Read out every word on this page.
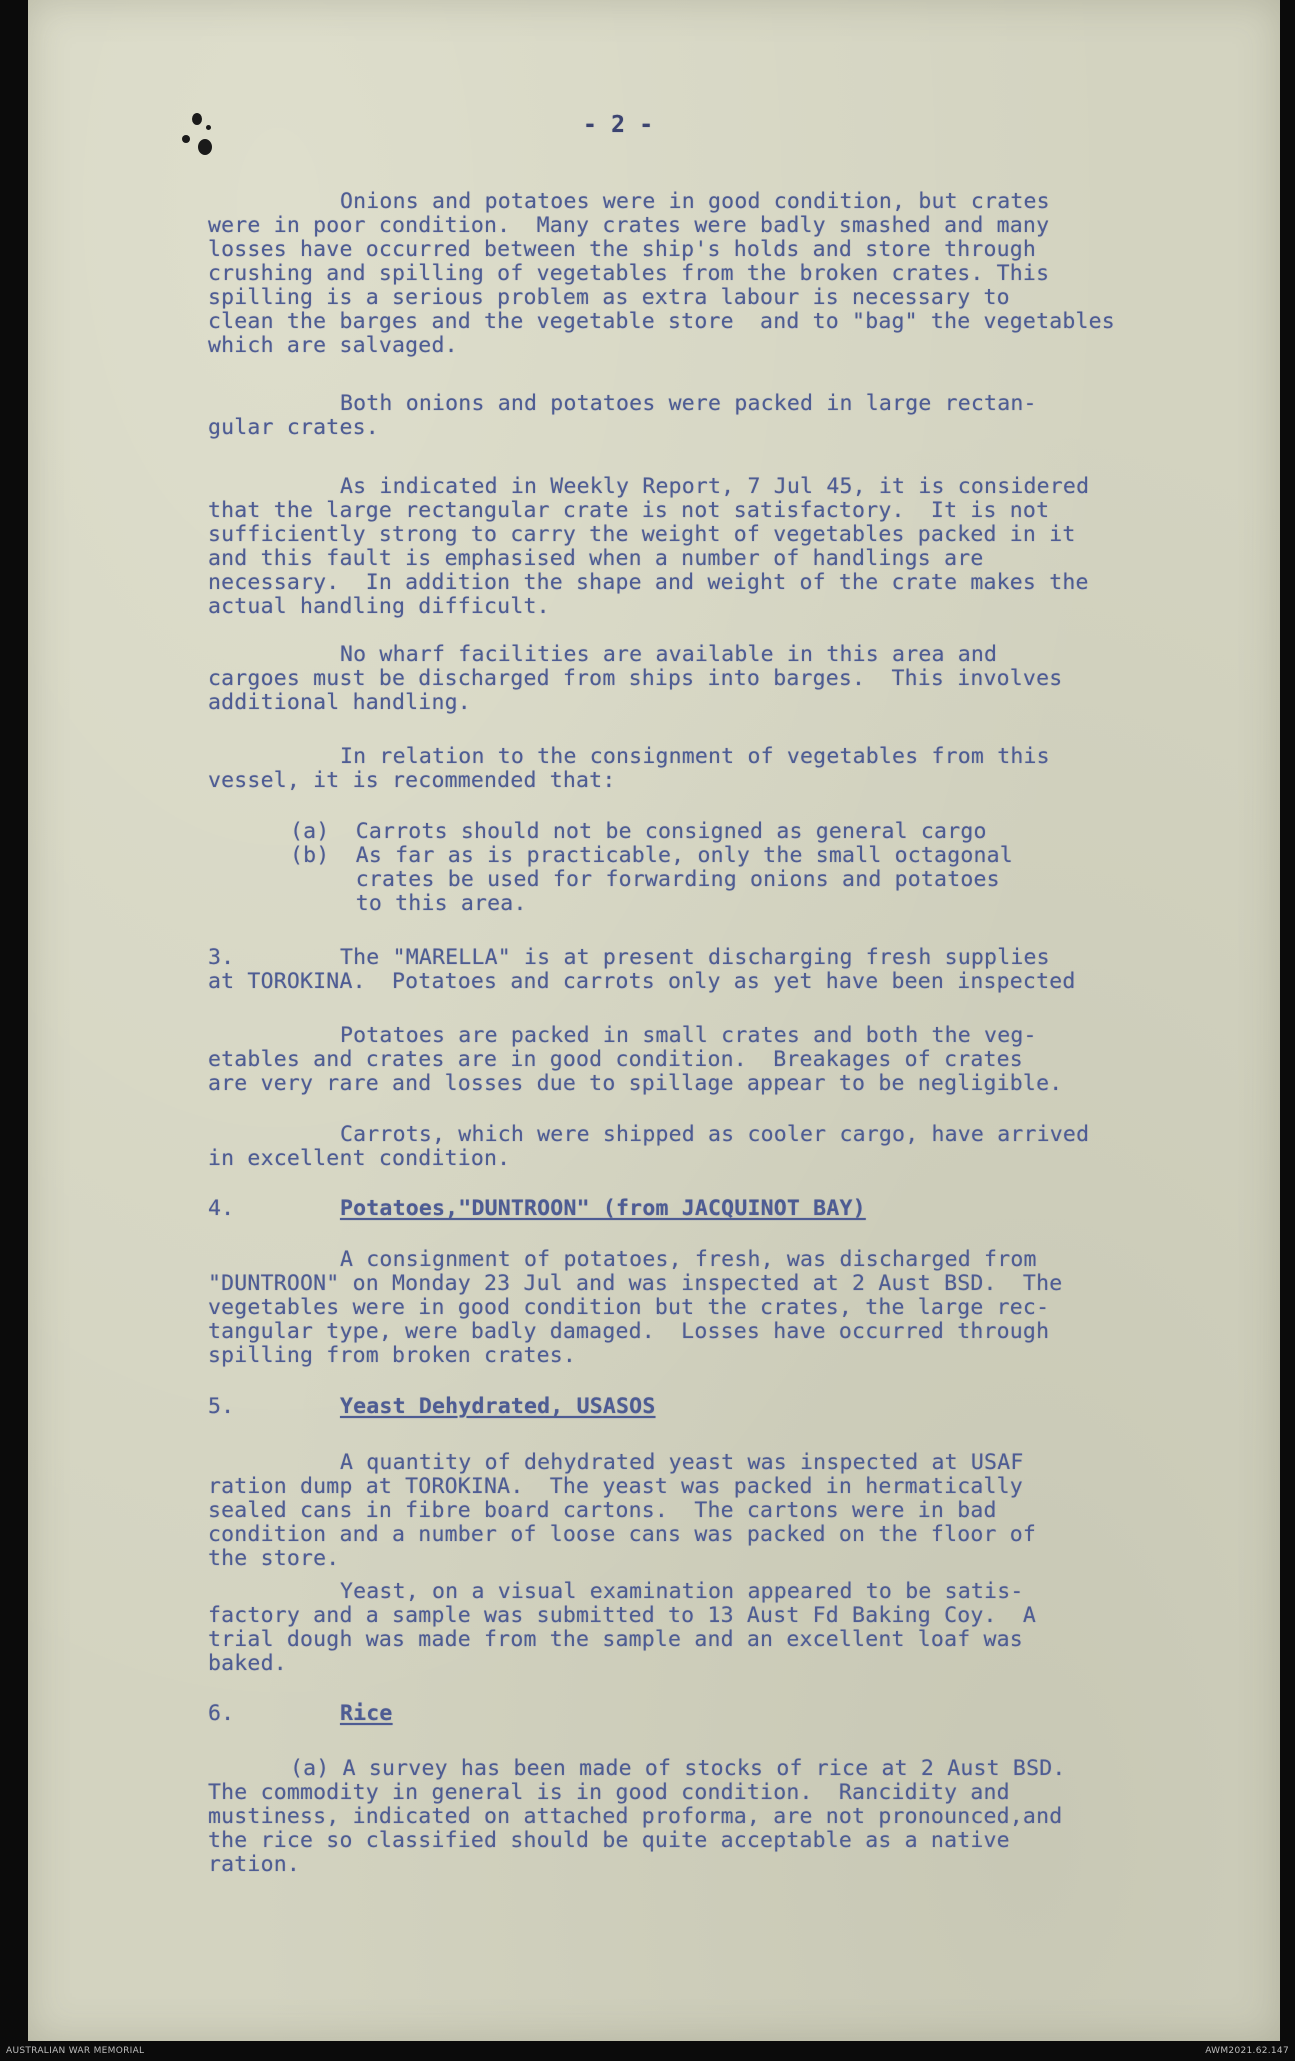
- 2 -

Onions and potatoes were in good condition, but crates

were in poor condition.  Many crates were badly smashed and many

losses have occurred between the ship's holds and store through

crushing and spilling of vegetables from the broken crates. This

spilling is a serious problem as extra labour is necessary to

clean the barges and the vegetable store  and to "bag" the vegetables

which are salvaged.

Both onions and potatoes were packed in large rectan-

gular crates.

As indicated in Weekly Report, 7 Jul 45, it is considered

that the large rectangular crate is not satisfactory.  It is not

sufficiently strong to carry the weight of vegetables packed in it

and this fault is emphasised when a number of handlings are

necessary.  In addition the shape and weight of the crate makes the

actual handling difficult.

No wharf facilities are available in this area and

cargoes must be discharged from ships into barges.  This involves

additional handling.

In relation to the consignment of vegetables from this

vessel, it is recommended that:

(a)  Carrots should not be consigned as general cargo

(b)  As far as is practicable, only the small octagonal

crates be used for forwarding onions and potatoes

to this area.

3.

	The "MARELLA" is at present discharging fresh supplies

at TOROKINA.  Potatoes and carrots only as yet have been inspected

Potatoes are packed in small crates and both the veg-

etables and crates are in good condition.  Breakages of crates

are very rare and losses due to spillage appear to be negligible.

Carrots, which were shipped as cooler cargo, have arrived

in excellent condition.

4.

	Potatoes,"DUNTROON" (from JACQUINOT BAY)

A consignment of potatoes, fresh, was discharged from

"DUNTROON" on Monday 23 Jul and was inspected at 2 Aust BSD.  The

vegetables were in good condition but the crates, the large rec-

tangular type, were badly damaged.  Losses have occurred through

spilling from broken crates.

5.

	Yeast Dehydrated, USASOS

A quantity of dehydrated yeast was inspected at USAF

ration dump at TOROKINA.  The yeast was packed in hermatically

sealed cans in fibre board cartons.  The cartons were in bad

condition and a number of loose cans was packed on the floor of

the store.

Yeast, on a visual examination appeared to be satis-

factory and a sample was submitted to 13 Aust Fd Baking Coy.  A

trial dough was made from the sample and an excellent loaf was

baked.

6.

	Rice

(a) A survey has been made of stocks of rice at 2 Aust BSD.

The commodity in general is in good condition.  Rancidity and

mustiness, indicated on attached proforma, are not pronounced,and

the rice so classified should be quite acceptable as a native

ration.

AUSTRALIAN WAR MEMORIAL	AWM2021.62.147
